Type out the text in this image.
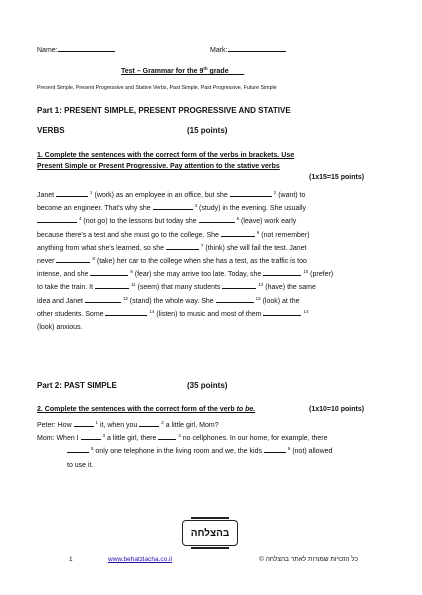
Name:	Mark:
Test – Grammar for the 9th grade
Present Simple, Present Progressive and Stative Verbs, Past Simple, Past Progressive, Future Simple
Part 1: PRESENT SIMPLE, PRESENT PROGRESSIVE AND STATIVE
VERBS	(15 points)
1. Complete the sentences with the correct form of the verbs in brackets. Use
Present Simple or Present Progressive. Pay attention to the stative verbs
(1x15=15 points)
Janet	$^1$ (work) as an employee in an office, but she	$^2$ (want) to
become an engineer. That's why she	$^3$ (study) in the evening. She usually
$^4$ (not go) to the lessons but today she	$^5$ (leave) work early
because there's a test and she must go to the college. She	$^6$ (not remember)
anything from what she's learned, so she	$^7$ (think) she will fail the test. Janet
never	$^8$ (take) her car to the college when she has a test, as the traffic is too
intense, and she	$^9$ (fear) she may arrive too late. Today, she	$^{10}$ (prefer)
to take the train. It	$^{11}$ (seem) that many students	$^{12}$ (have) the same
idea and Janet	$^{12}$ (stand) the whole way. She	$^{13}$ (look) at the
other students. Some	$^{14}$ (listen) to music and most of them	$^{14}$
(look) anxious.
Part 2: PAST SIMPLE	(35 points)
2. Complete the sentences with the correct form of the verb to be.	(1x10=10 points)
Peter: How	$^1$ it, when you	$^2$ a little girl, Mom?
Mom: When I	$^3$ a little girl, there	$^4$ no cellphones. In our home, for example, there
$^5$ only one telephone in the living room and we, the kids	$^6$ (not) allowed
to use it.
בהצלחה
1	www.behatzlacha.co.il	כל הזכויות שמורות לאתר בהצלחה ©
